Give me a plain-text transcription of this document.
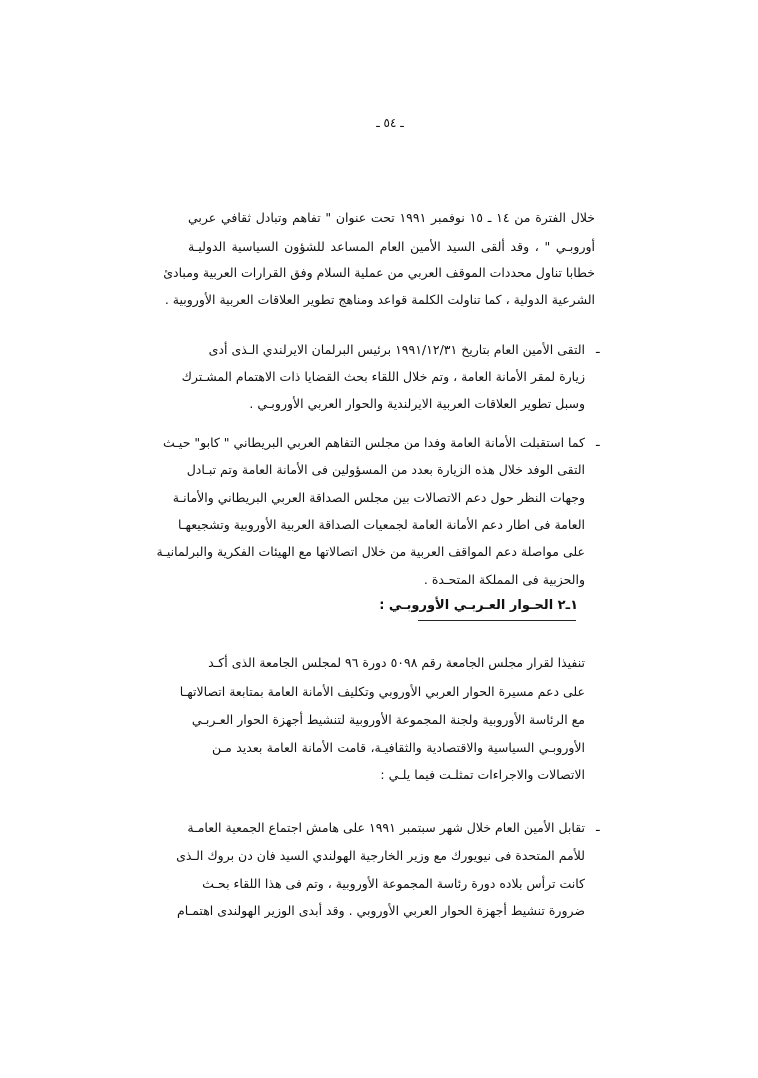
ـ ٥٤ ـ
خلال الفترة من ١٤ ـ ١٥ نوفمبر ١٩٩١ تحت عنوان " تفاهم وتبادل ثقافي عربي
أوروبـي " ، وقد ألقى السيد الأمين العام المساعد للشؤون السياسية الدوليـة
خطابا تناول محددات الموقف العربي من عملية السلام وفق القرارات العربية ومبادئ
الشرعية الدولية ، كما تناولت الكلمة قواعد ومناهج تطوير العلاقات العربية الأوروبية .
التقى الأمين العام بتاريخ ١٩٩١/١٢/٣١ برئيس البرلمان الايرلندي الـذى أدى
زيارة لمقر الأمانة العامة ، وتم خلال اللقاء بحث القضايا ذات الاهتمام المشـترك
وسبل تطوير العلاقات العربية الايرلندية والحوار العربي الأوروبـي .
ـ
كما استقبلت الأمانة العامة وفدا من مجلس التفاهم العربي البريطاني " كابو" حيـث
التقى الوفد خلال هذه الزيارة بعدد من المسؤولين فى الأمانة العامة وتم تبـادل
وجهات النظر حول دعم الاتصالات بين مجلس الصداقة العربي البريطاني والأمانـة
العامة فى اطار دعم الأمانة العامة لجمعيات الصداقة العربية الأوروبية وتشجيعهـا
على مواصلة دعم المواقف العربية من خلال اتصالاتها مع الهيئات الفكرية والبرلمانيـة
والحزبية فى المملكة المتحـدة .
ـ
تنفيذا لقرار مجلس الجامعة رقم ٥٠٩٨ دورة ٩٦ لمجلس الجامعة الذى أكـد
على دعم مسيرة الحوار العربي الأوروبي وتكليف الأمانة العامة بمتابعة اتصالاتهـا
مع الرئاسة الأوروبية ولجنة المجموعة الأوروبية لتنشيط أجهزة الحوار العـربـي
الأوروبـي السياسية والاقتصادية والثقافيـة، قامت الأمانة العامة بعديد مـن
الاتصالات والاجراءات تمثلـت فيما يلـي :
تقابل الأمين العام خلال شهر سبتمبر ١٩٩١ على هامش اجتماع الجمعية العامـة
للأمم المتحدة فى نيويورك مع وزير الخارجية الهولندي السيد فان دن بروك الـذى
كانت ترأس بلاده دورة رئاسة المجموعة الأوروبية ، وتم فى هذا اللقاء بحـث
ضرورة تنشيط أجهزة الحوار العربي الأوروبي . وقد أبدى الوزير الهولندى اهتمـام
ـ
١ـ٢ الحـوار العـربـي الأوروبـي :
